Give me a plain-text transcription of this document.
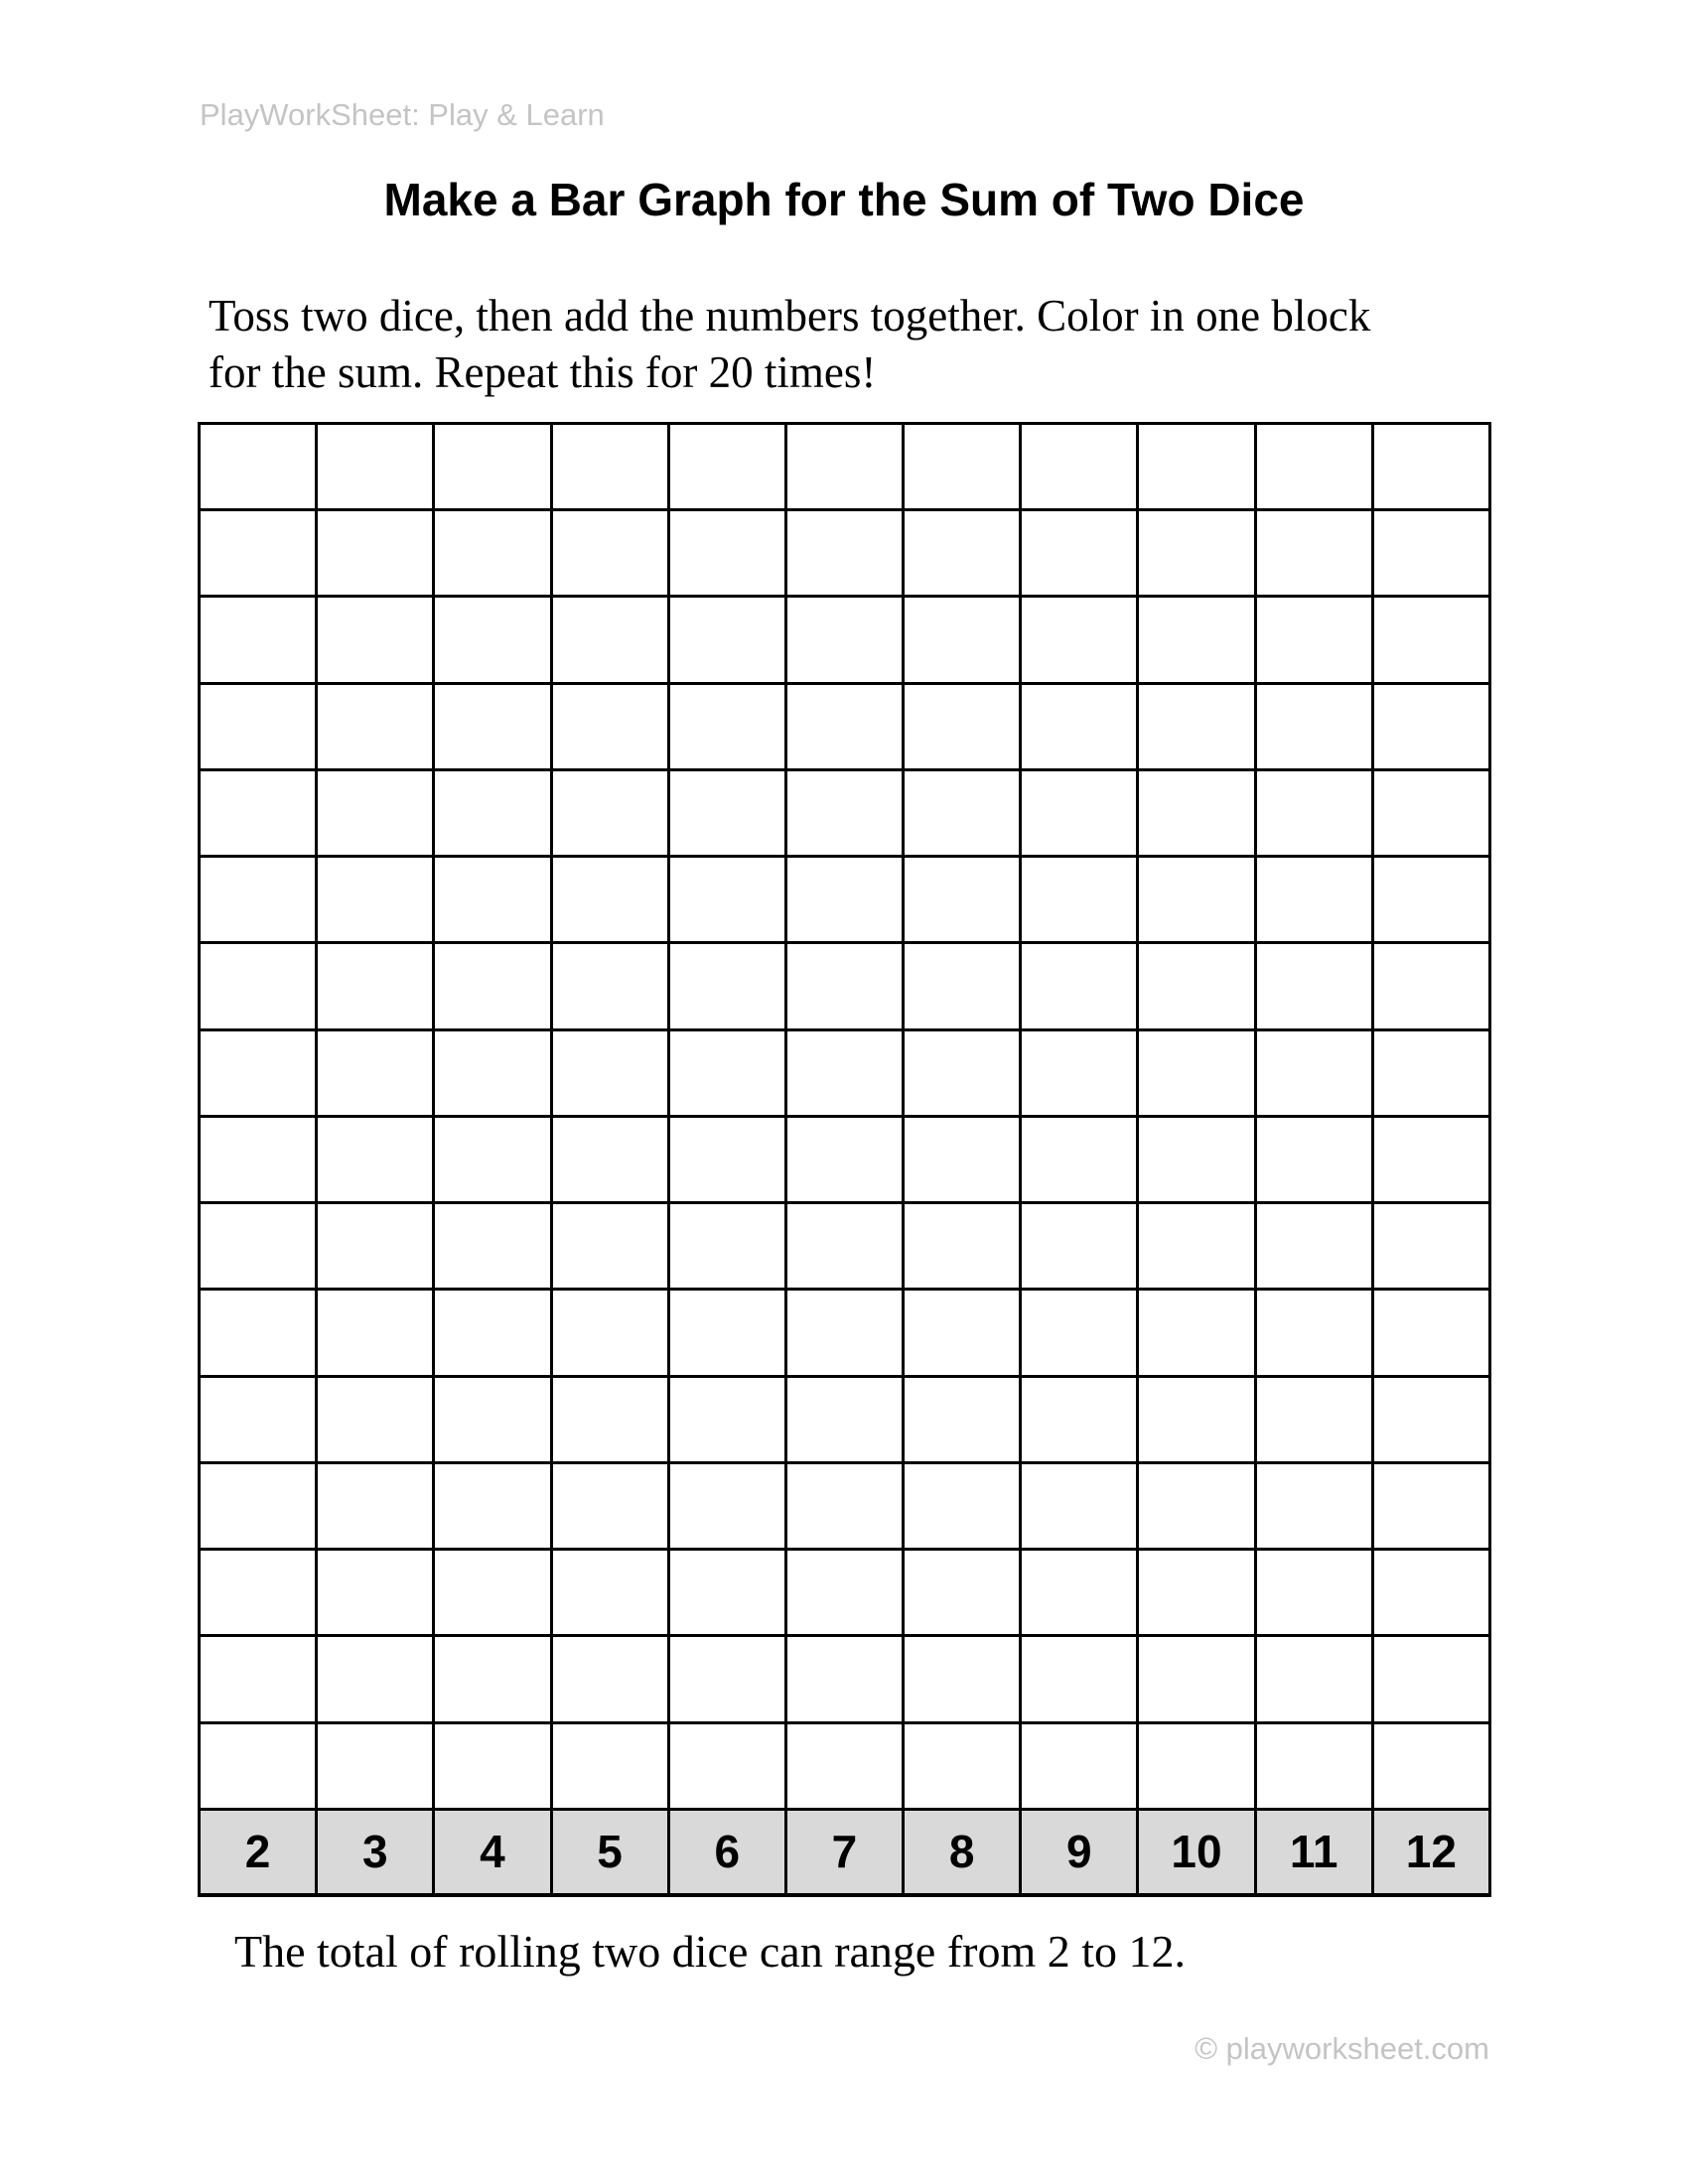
PlayWorkSheet: Play & Learn
Make a Bar Graph for the Sum of Two Dice
Toss two dice, then add the numbers together. Color in one block
for the sum. Repeat this for 20 times!

2	3	4	5	6	7	8	9	10	11	12
The total of rolling two dice can range from 2 to 12.
© playworksheet.com
